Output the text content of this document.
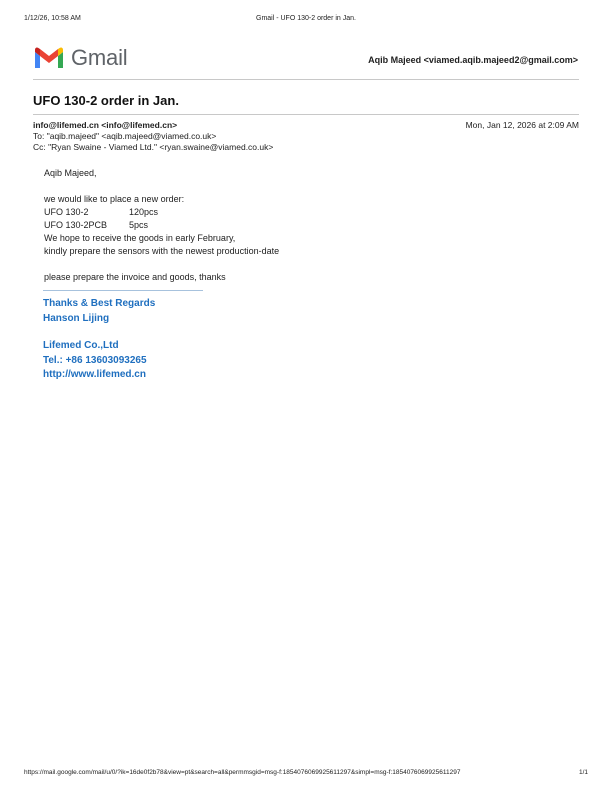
1/12/26, 10:58 AM	Gmail - UFO 130-2 order in Jan.
Gmail	Aqib Majeed <viamed.aqib.majeed2@gmail.com>
UFO 130-2 order in Jan.
info@lifemed.cn <info@lifemed.cn>	Mon, Jan 12, 2026 at 2:09 AM
To: "aqib.majeed" <aqib.majeed@viamed.co.uk>
Cc: "Ryan Swaine - Viamed Ltd." <ryan.swaine@viamed.co.uk>

Aqib Majeed,

we would like to place a new order:

UFO 130-2	120pcs
UFO 130-2PCB	5pcs

We hope to receive the goods in early February,

kindly prepare the sensors with the newest production-date

please prepare the invoice and goods, thanks

Thanks & Best Regards
Hanson Lijing
Lifemed Co.,Ltd
Tel.: +86 13603093265
http://www.lifemed.cn
https://mail.google.com/mail/u/0/?ik=16de0f2b78&view=pt&search=all&permmsgid=msg-f:1854076069925611297&simpl=msg-f:1854076069925611297	1/1
